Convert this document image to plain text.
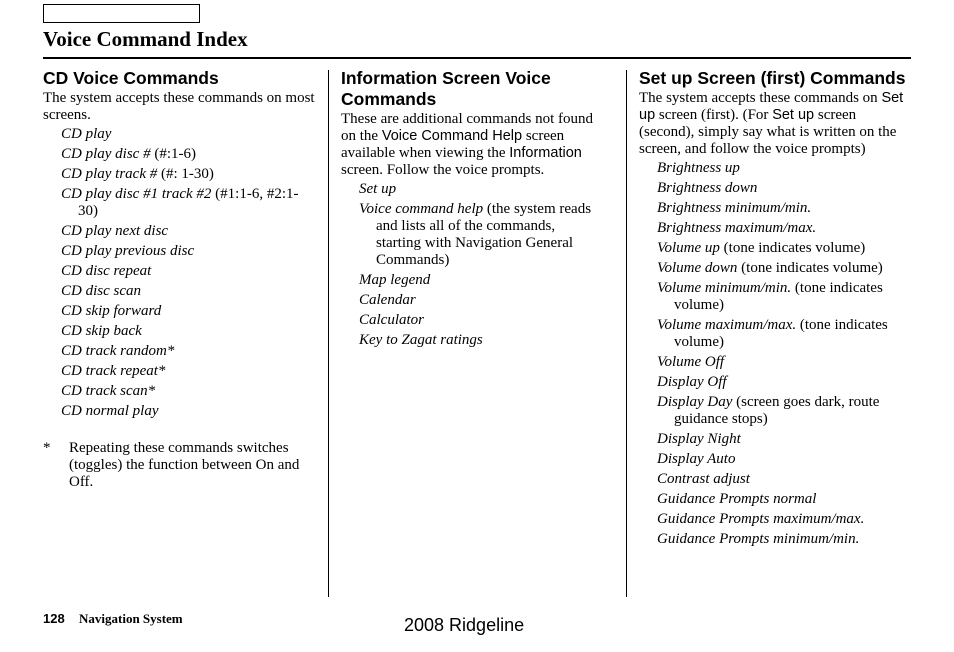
Voice Command Index
CD Voice Commands

The system accepts these commands on most screens.

CD play
CD play disc # (#:1-6)
CD play track # (#: 1-30)
CD play disc #1 track #2 (#1:1-6, #2:1-30)
CD play next disc
CD play previous disc
CD disc repeat
CD disc scan
CD skip forward
CD skip back
CD track random*
CD track repeat*
CD track scan*
CD normal play
* Repeating these commands switches (toggles) the function between On and Off.
Information Screen Voice Commands

These are additional commands not found on the Voice Command Help screen available when viewing the Information screen. Follow the voice prompts.

Set up
Voice command help (the system reads and lists all of the commands, starting with Navigation General Commands)
Map legend
Calendar
Calculator
Key to Zagat ratings
Set up Screen (first) Commands

The system accepts these commands on Set up screen (first). (For Set up screen (second), simply say what is written on the screen, and follow the voice prompts)

Brightness up
Brightness down
Brightness minimum/min.
Brightness maximum/max.
Volume up (tone indicates volume)
Volume down (tone indicates volume)
Volume minimum/min. (tone indicates volume)
Volume maximum/max. (tone indicates volume)
Volume Off
Display Off
Display Day (screen goes dark, route guidance stops)
Display Night
Display Auto
Contrast adjust
Guidance Prompts normal
Guidance Prompts maximum/max.
Guidance Prompts minimum/min.
128 Navigation System	2008 Ridgeline
